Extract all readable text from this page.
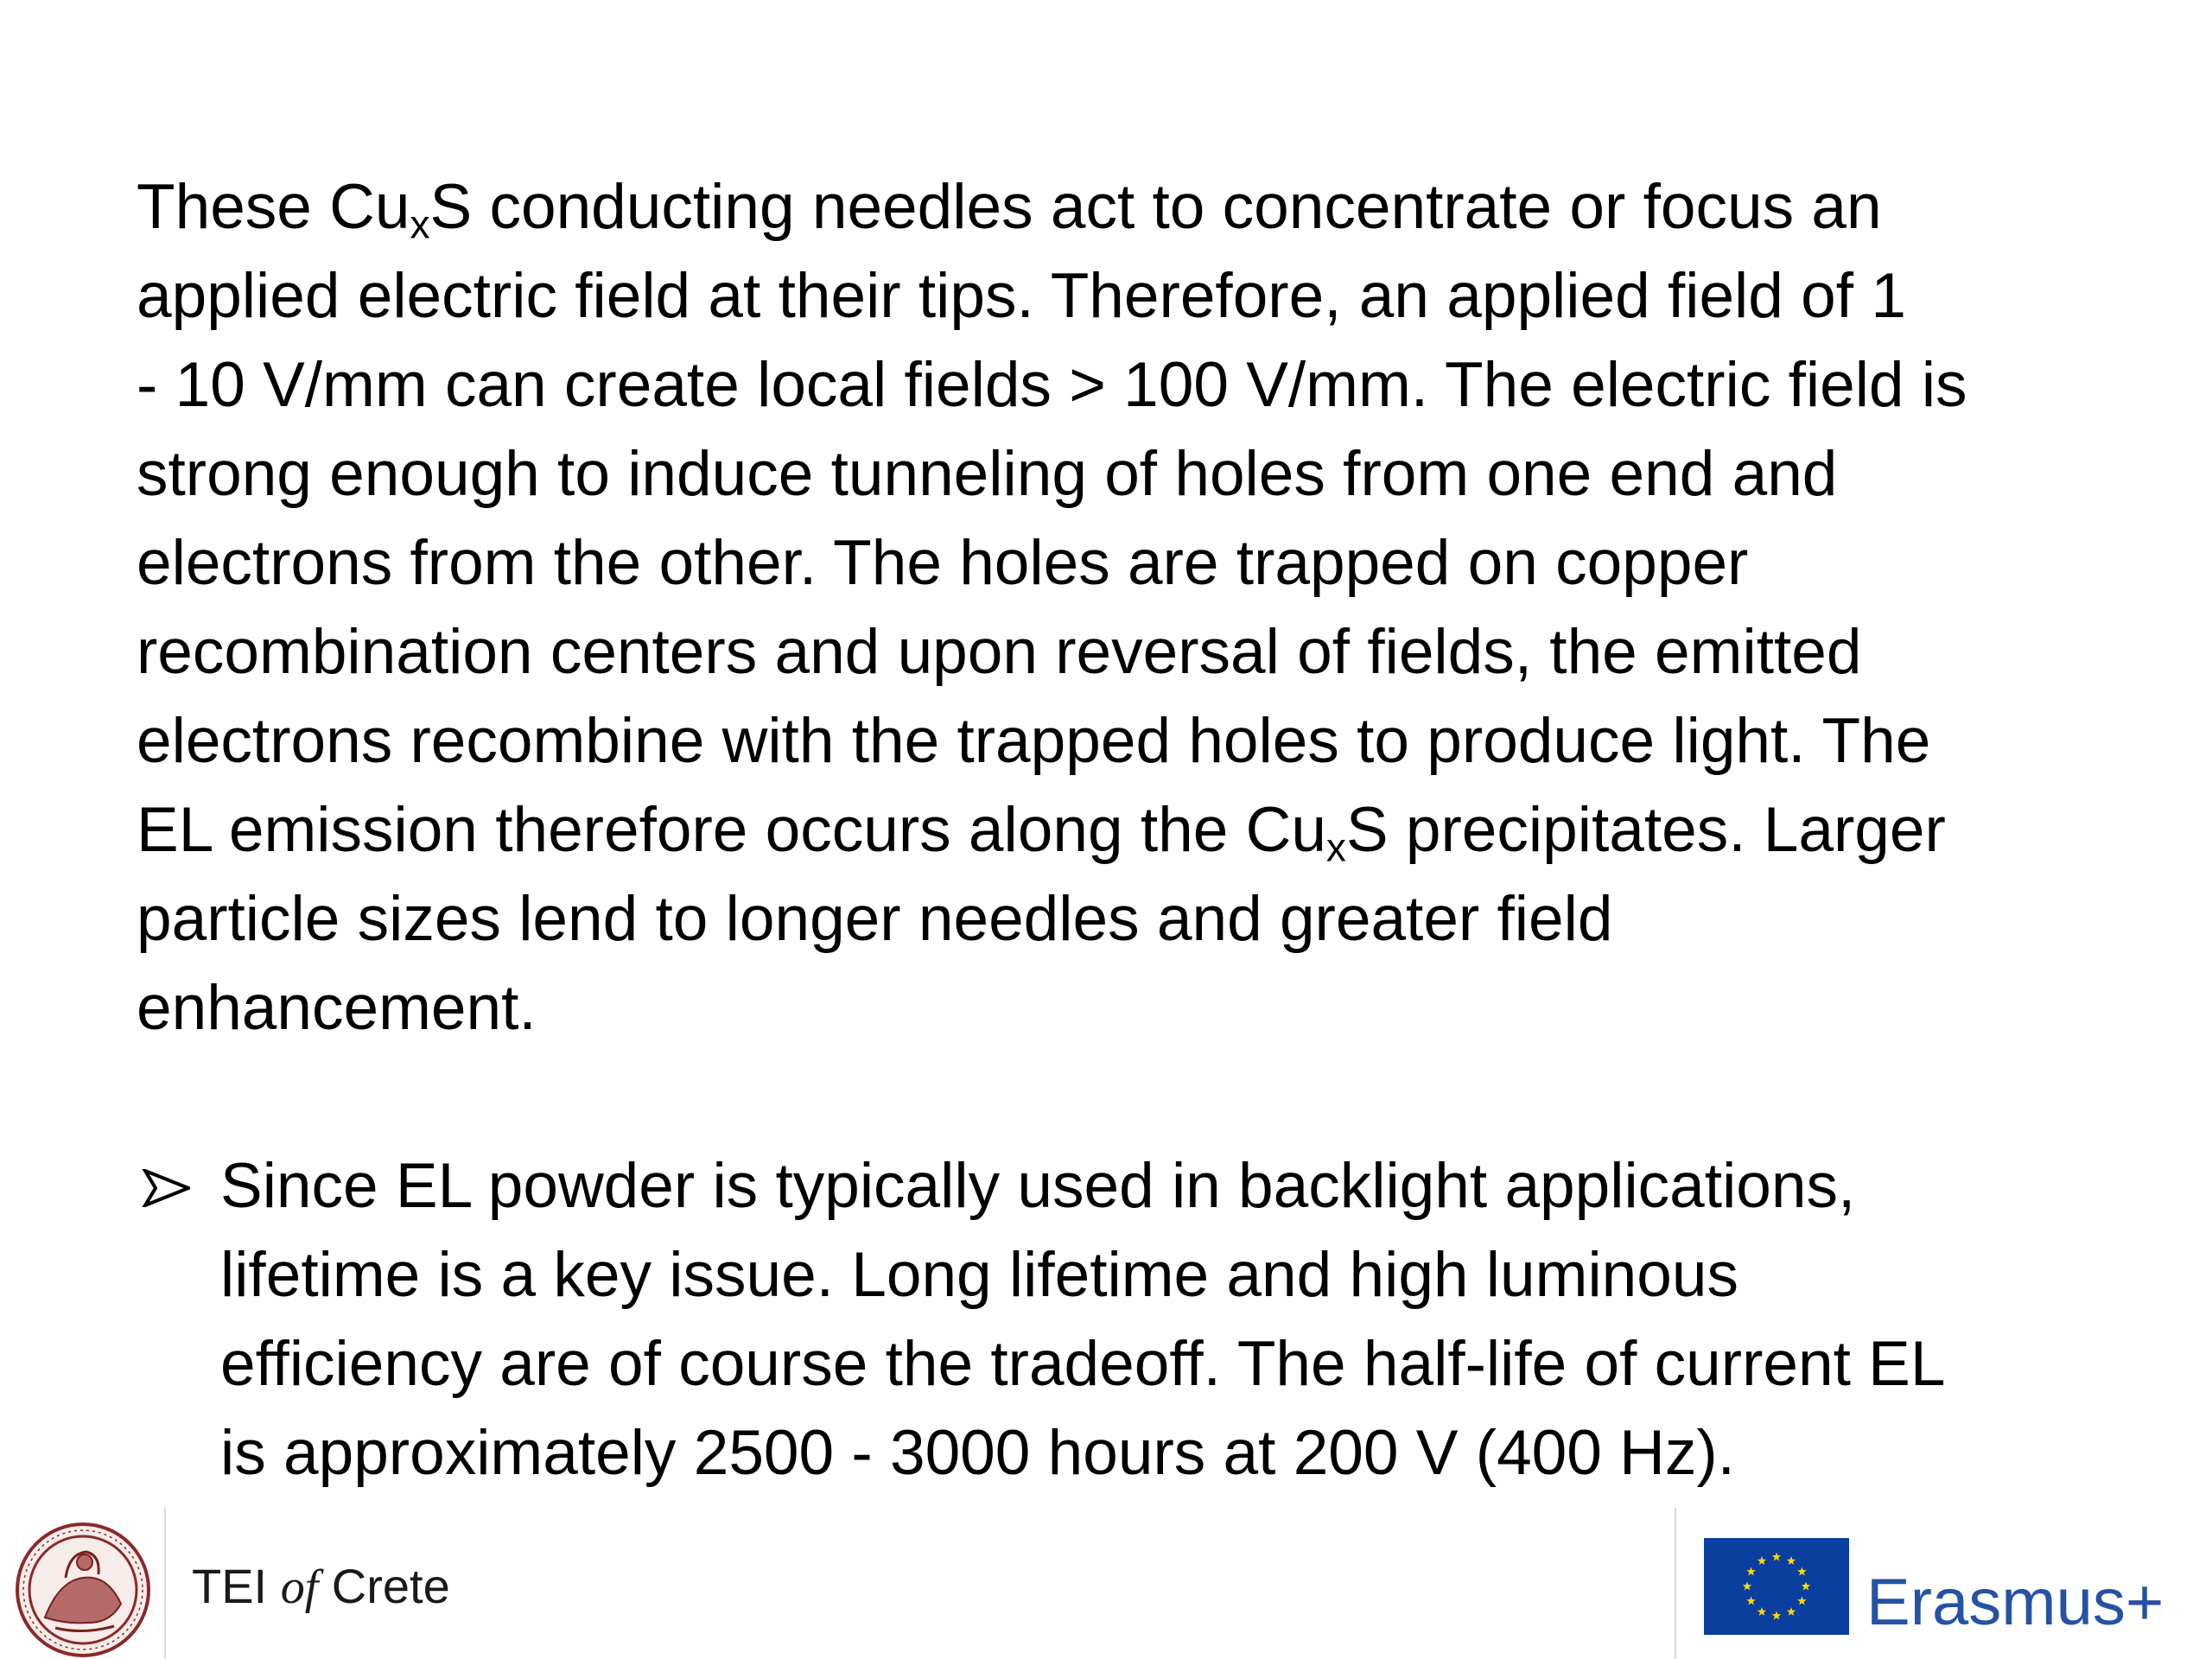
These $Cu_xS$ conducting needles act to concentrate or focus an
applied electric field at their tips. Therefore, an applied field of 1
- 10 V/mm can create local fields > 100 V/mm. The electric field is
strong enough to induce tunneling of holes from one end and
electrons from the other. The holes are trapped on copper
recombination centers and upon reversal of fields, the emitted
electrons recombine with the trapped holes to produce light. The
EL emission therefore occurs along the $Cu_xS$ precipitates. Larger
particle sizes lend to longer needles and greater field
enhancement.

Since EL powder is typically used in backlight applications,
lifetime is a key issue. Long lifetime and high luminous
efficiency are of course the tradeoff. The half-life of current EL
is approximately 2500 - 3000 hours at 200 V (400 Hz).
TEI of Crete	Erasmus+
